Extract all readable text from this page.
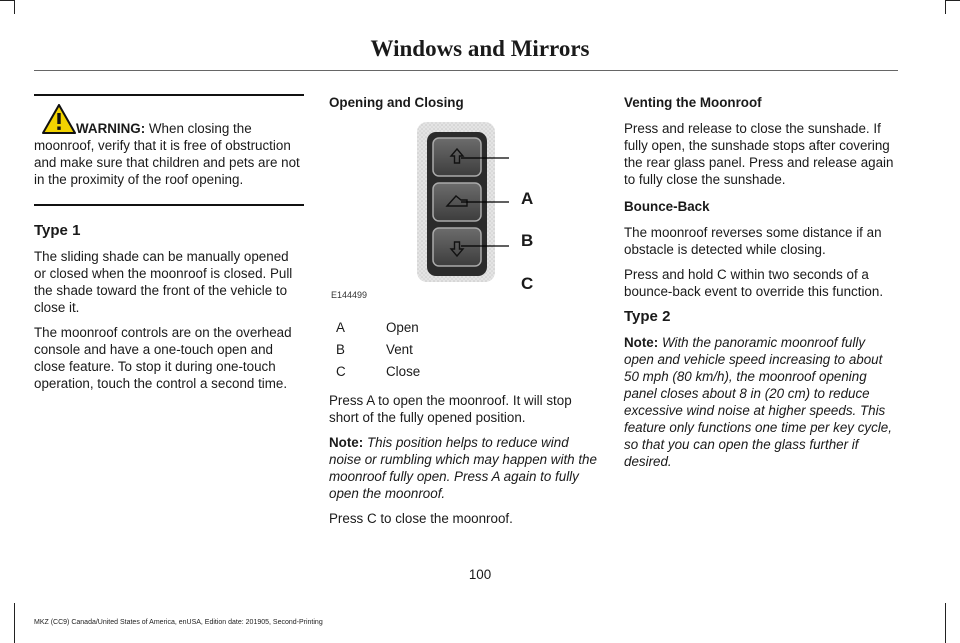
Windows and Mirrors

WARNING: When closing the moonroof, verify that it is free of obstruction and make sure that children and pets are not in the proximity of the roof opening.

Type 1

The sliding shade can be manually opened or closed when the moonroof is closed. Pull the shade toward the front of the vehicle to close it.

The moonroof controls are on the overhead console and have a one-touch open and close feature. To stop it during one-touch operation, touch the control a second time.

Opening and Closing

A
B
C
E144499
A	Open
B	Vent
C	Close

Press A to open the moonroof. It will stop short of the fully opened position.

Note: This position helps to reduce wind noise or rumbling which may happen with the moonroof fully open. Press A again to fully open the moonroof.

Press C to close the moonroof.

Venting the Moonroof

Press and release to close the sunshade. If fully open, the sunshade stops after covering the rear glass panel. Press and release again to fully close the sunshade.

Bounce-Back

The moonroof reverses some distance if an obstacle is detected while closing.

Press and hold C within two seconds of a bounce-back event to override this function.

Type 2

Note: With the panoramic moonroof fully open and vehicle speed increasing to about 50 mph (80 km/h), the moonroof opening panel closes about 8 in (20 cm) to reduce excessive wind noise at higher speeds. This feature only functions one time per key cycle, so that you can open the glass further if desired.

100
MKZ (CC9) Canada/United States of America, enUSA, Edition date: 201905, Second-Printing
